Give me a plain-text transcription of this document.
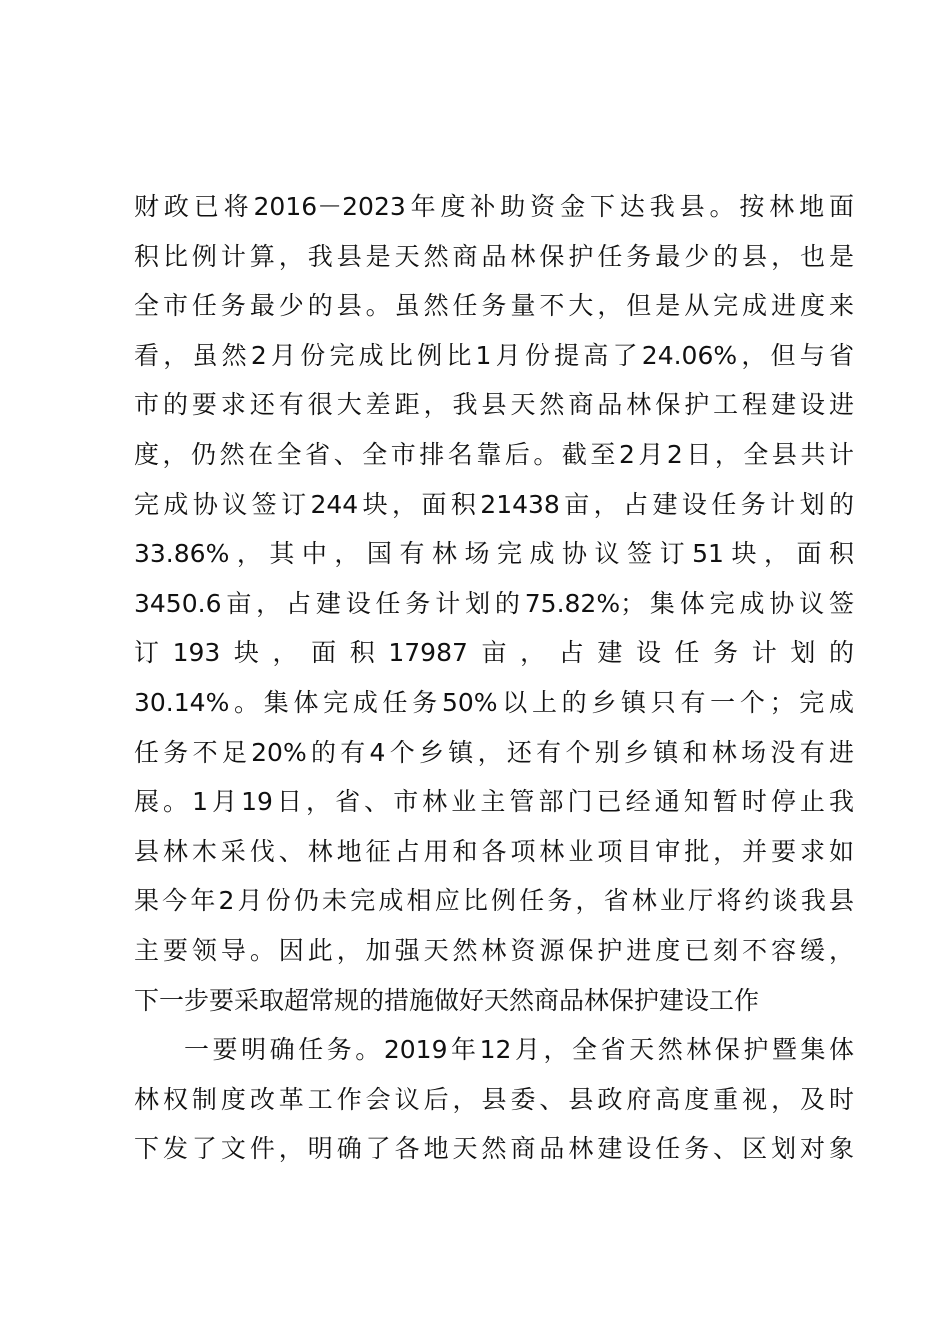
财政已将2016－2023年度补助资金下达我县。按林地面
积比例计算，我县是天然商品林保护任务最少的县，也是
全市任务最少的县。虽然任务量不大，但是从完成进度来
看，虽然2月份完成比例比1月份提高了24.06%，但与省
市的要求还有很大差距，我县天然商品林保护工程建设进
度，仍然在全省、全市排名靠后。截至2月2日，全县共计
完成协议签订244块，面积21438亩，占建设任务计划的
33.86%，其中，国有林场完成协议签订51块，面积
3450.6亩，占建设任务计划的75.82%；集体完成协议签
订193块，面积17987亩，占建设任务计划的
30.14%。集体完成任务50%以上的乡镇只有一个；完成
任务不足20%的有4个乡镇，还有个别乡镇和林场没有进
展。1月19日，省、市林业主管部门已经通知暂时停止我
县林木采伐、林地征占用和各项林业项目审批，并要求如
果今年2月份仍未完成相应比例任务，省林业厅将约谈我县
主要领导。因此，加强天然林资源保护进度已刻不容缓，
下一步要采取超常规的措施做好天然商品林保护建设工作
一要明确任务。2019年12月，全省天然林保护暨集体
林权制度改革工作会议后，县委、县政府高度重视，及时
下发了文件，明确了各地天然商品林建设任务、区划对象
